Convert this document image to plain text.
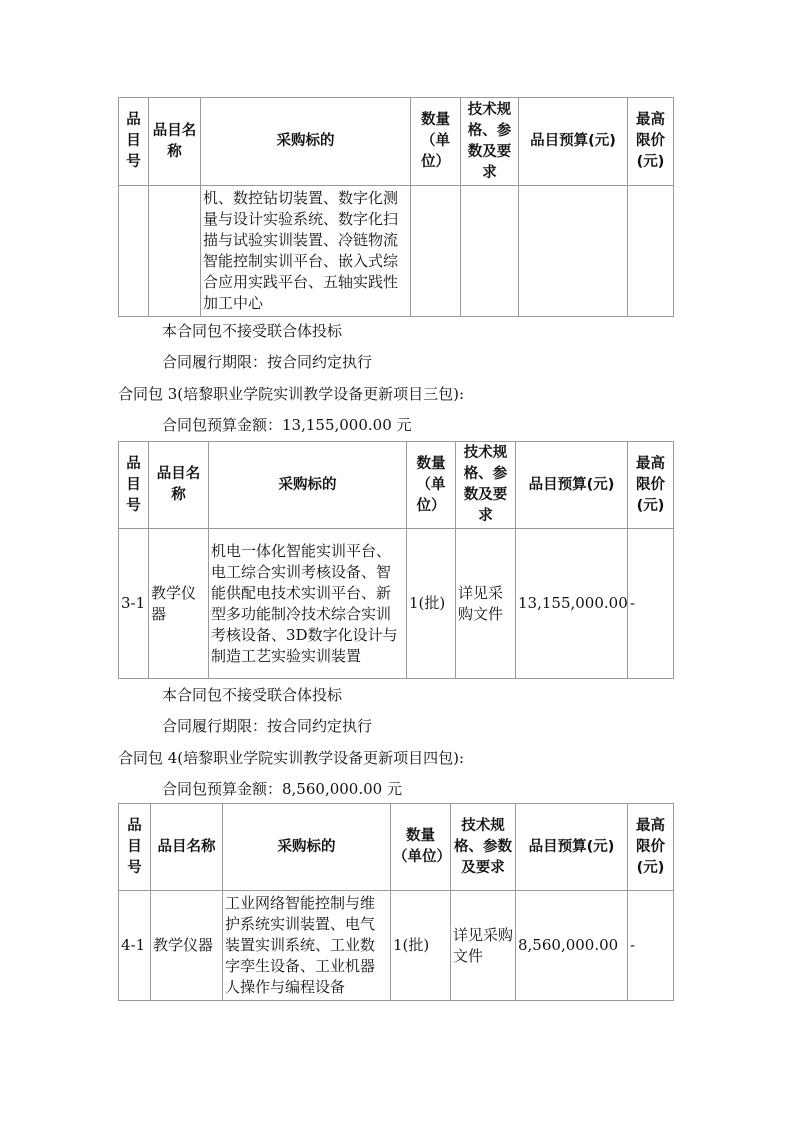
品目号	品目名称	采购标的	数量（单位）	技术规格、参数及要求	品目预算(元)	最高限价(元)
		机、数控钻切装置、数字化测量与设计实验系统、数字化扫描与试验实训装置、冷链物流智能控制实训平台、嵌入式综合应用实践平台、五轴实践性加工中心				
本合同包不接受联合体投标
合同履行期限：按合同约定执行
合同包 3(培黎职业学院实训教学设备更新项目三包):
合同包预算金额：13,155,000.00 元
品目号	品目名称	采购标的	数量（单位）	技术规格、参数及要求	品目预算(元)	最高限价(元)
3-1	教学仪器	机电一体化智能实训平台、电工综合实训考核设备、智能供配电技术实训平台、新型多功能制冷技术综合实训考核设备、3D数字化设计与制造工艺实验实训装置	1(批)	详见采购文件	13,155,000.00	-
本合同包不接受联合体投标
合同履行期限：按合同约定执行
合同包 4(培黎职业学院实训教学设备更新项目四包):
合同包预算金额：8,560,000.00 元
品目号	品目名称	采购标的	数量（单位）	技术规格、参数及要求	品目预算(元)	最高限价(元)
4-1	教学仪器	工业网络智能控制与维护系统实训装置、电气装置实训系统、工业数字孪生设备、工业机器人操作与编程设备	1(批)	详见采购文件	8,560,000.00	-
